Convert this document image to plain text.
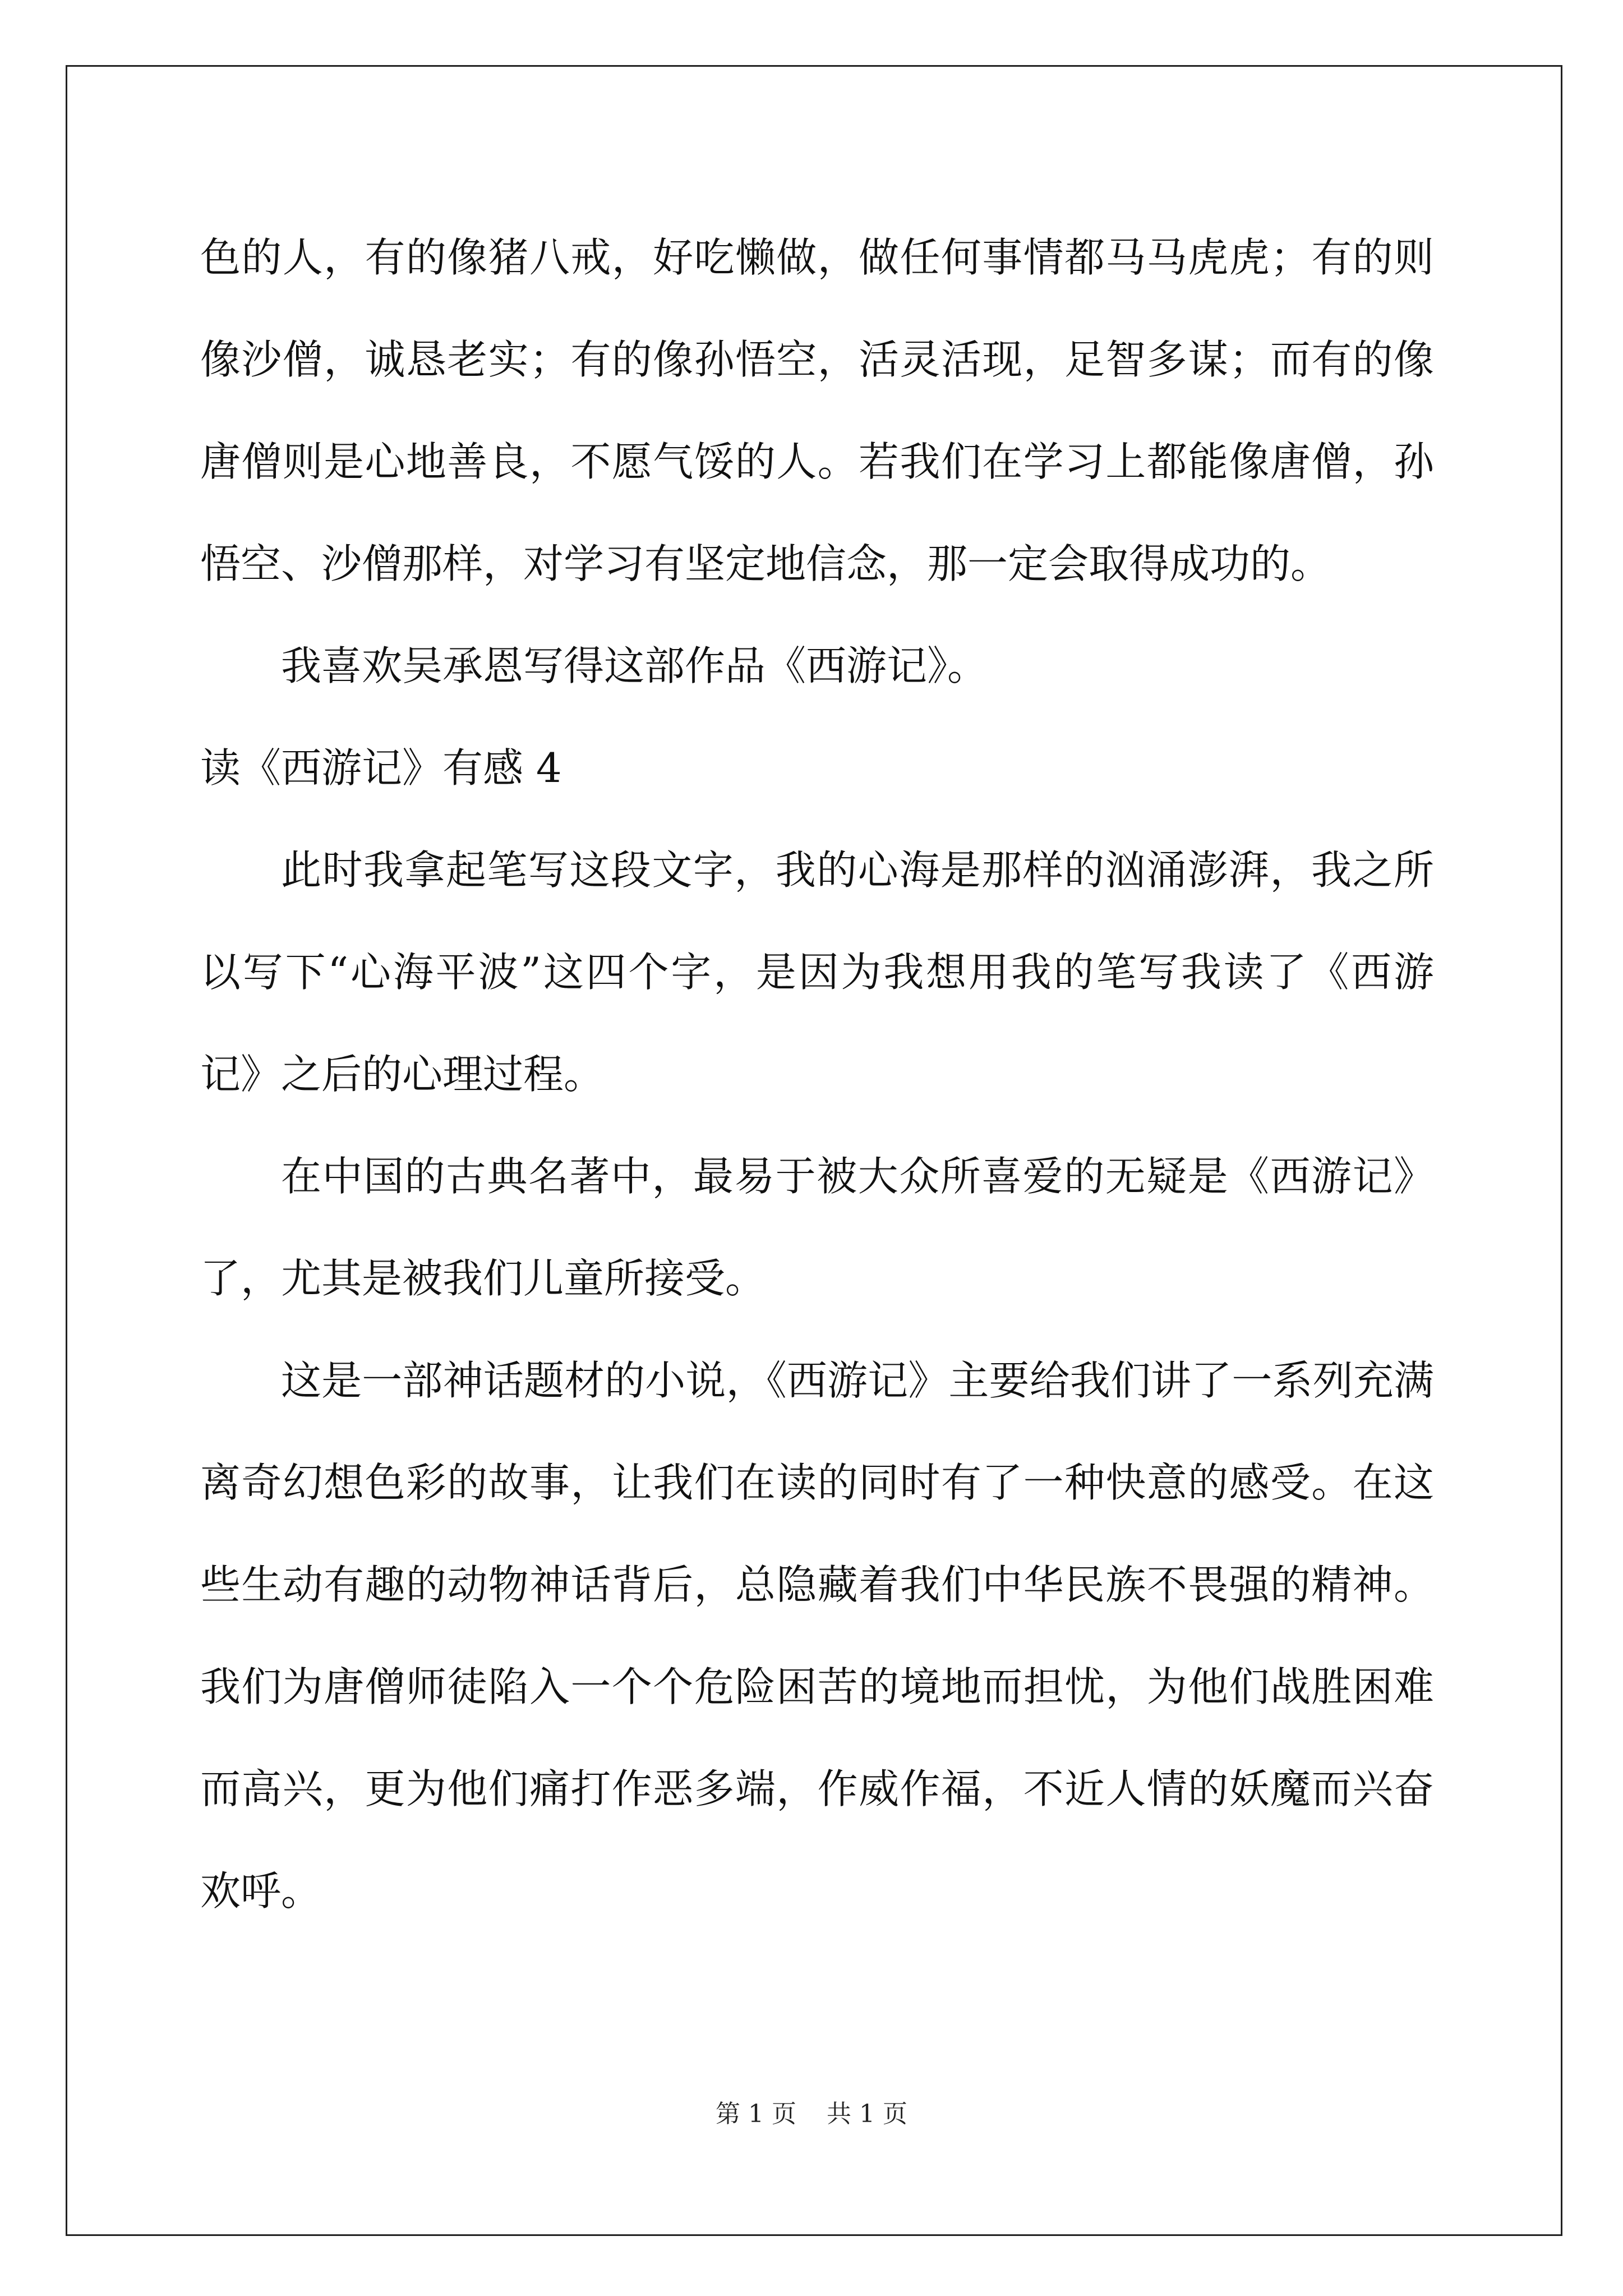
色的人，有的像猪八戒，好吃懒做，做任何事情都马马虎虎；有的则
像沙僧，诚恳老实；有的像孙悟空，活灵活现，足智多谋；而有的像
唐僧则是心地善良，不愿气馁的人。若我们在学习上都能像唐僧，孙
悟空、沙僧那样，对学习有坚定地信念，那一定会取得成功的。
我喜欢吴承恩写得这部作品《西游记》。
读《西游记》有感 4
此时我拿起笔写这段文字，我的心海是那样的汹涌澎湃，我之所
以写下“心海平波”这四个字，是因为我想用我的笔写我读了《西游
记》之后的心理过程。
在中国的古典名著中，最易于被大众所喜爱的无疑是《西游记》
了，尤其是被我们儿童所接受。
这是一部神话题材的小说，《西游记》主要给我们讲了一系列充满
离奇幻想色彩的故事，让我们在读的同时有了一种快意的感受。在这
些生动有趣的动物神话背后，总隐藏着我们中华民族不畏强的精神。
我们为唐僧师徒陷入一个个危险困苦的境地而担忧，为他们战胜困难
而高兴，更为他们痛打作恶多端，作威作福，不近人情的妖魔而兴奋
欢呼。
第 1 页 共 1 页
